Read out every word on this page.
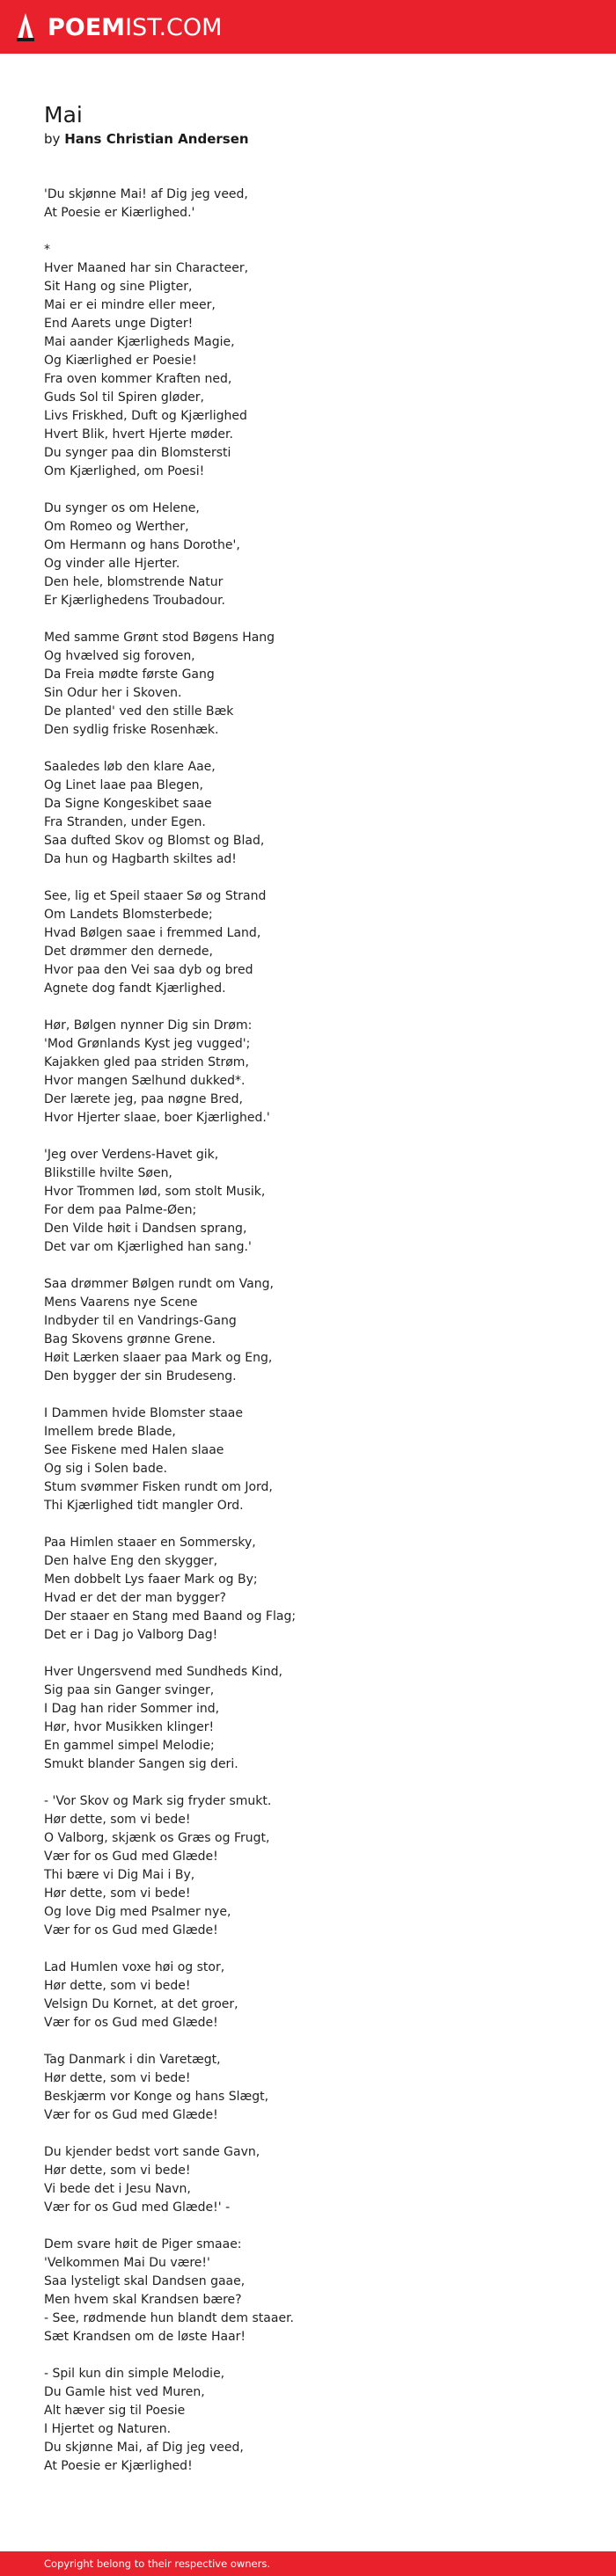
POEMIST.COM
Mai

by Hans Christian Andersen

'Du skjønne Mai! af Dig jeg veed,
At Poesie er Kiærlighed.'
*
Hver Maaned har sin Characteer,
Sit Hang og sine Pligter,
Mai er ei mindre eller meer,
End Aarets unge Digter!
Mai aander Kjærligheds Magie,
Og Kiærlighed er Poesie!
Fra oven kommer Kraften ned,
Guds Sol til Spiren gløder,
Livs Friskhed, Duft og Kjærlighed
Hvert Blik, hvert Hjerte møder.
Du synger paa din Blomstersti
Om Kjærlighed, om Poesi!
Du synger os om Helene,
Om Romeo og Werther,
Om Hermann og hans Dorothe',
Og vinder alle Hjerter.
Den hele, blomstrende Natur
Er Kjærlighedens Troubadour.
Med samme Grønt stod Bøgens Hang
Og hvælved sig foroven,
Da Freia mødte første Gang
Sin Odur her i Skoven.
De planted' ved den stille Bæk
Den sydlig friske Rosenhæk.
Saaledes løb den klare Aae,
Og Linet laae paa Blegen,
Da Signe Kongeskibet saae
Fra Stranden, under Egen.
Saa dufted Skov og Blomst og Blad,
Da hun og Hagbarth skiltes ad!
See, lig et Speil staaer Sø og Strand
Om Landets Blomsterbede;
Hvad Bølgen saae i fremmed Land,
Det drømmer den dernede,
Hvor paa den Vei saa dyb og bred
Agnete dog fandt Kjærlighed.
Hør, Bølgen nynner Dig sin Drøm:
'Mod Grønlands Kyst jeg vugged';
Kajakken gled paa striden Strøm,
Hvor mangen Sælhund dukked*.
Der lærete jeg, paa nøgne Bred,
Hvor Hjerter slaae, boer Kjærlighed.'
'Jeg over Verdens-Havet gik,
Blikstille hvilte Søen,
Hvor Trommen lød, som stolt Musik,
For dem paa Palme-Øen;
Den Vilde høit i Dandsen sprang,
Det var om Kjærlighed han sang.'
Saa drømmer Bølgen rundt om Vang,
Mens Vaarens nye Scene
Indbyder til en Vandrings-Gang
Bag Skovens grønne Grene.
Høit Lærken slaaer paa Mark og Eng,
Den bygger der sin Brudeseng.
I Dammen hvide Blomster staae
Imellem brede Blade,
See Fiskene med Halen slaae
Og sig i Solen bade.
Stum svømmer Fisken rundt om Jord,
Thi Kjærlighed tidt mangler Ord.
Paa Himlen staaer en Sommersky,
Den halve Eng den skygger,
Men dobbelt Lys faaer Mark og By;
Hvad er det der man bygger?
Der staaer en Stang med Baand og Flag;
Det er i Dag jo Valborg Dag!
Hver Ungersvend med Sundheds Kind,
Sig paa sin Ganger svinger,
I Dag han rider Sommer ind,
Hør, hvor Musikken klinger!
En gammel simpel Melodie;
Smukt blander Sangen sig deri.
- 'Vor Skov og Mark sig fryder smukt.
Hør dette, som vi bede!
O Valborg, skjænk os Græs og Frugt,
Vær for os Gud med Glæde!
Thi bære vi Dig Mai i By,
Hør dette, som vi bede!
Og love Dig med Psalmer nye,
Vær for os Gud med Glæde!
Lad Humlen voxe høi og stor,
Hør dette, som vi bede!
Velsign Du Kornet, at det groer,
Vær for os Gud med Glæde!
Tag Danmark i din Varetægt,
Hør dette, som vi bede!
Beskjærm vor Konge og hans Slægt,
Vær for os Gud med Glæde!
Du kjender bedst vort sande Gavn,
Hør dette, som vi bede!
Vi bede det i Jesu Navn,
Vær for os Gud med Glæde!' -
Dem svare høit de Piger smaae:
'Velkommen Mai Du være!'
Saa lysteligt skal Dandsen gaae,
Men hvem skal Krandsen bære?
- See, rødmende hun blandt dem staaer.
Sæt Krandsen om de løste Haar!
- Spil kun din simple Melodie,
Du Gamle hist ved Muren,
Alt hæver sig til Poesie
I Hjertet og Naturen.
Du skjønne Mai, af Dig jeg veed,
At Poesie er Kjærlighed!
Copyright belong to their respective owners.
